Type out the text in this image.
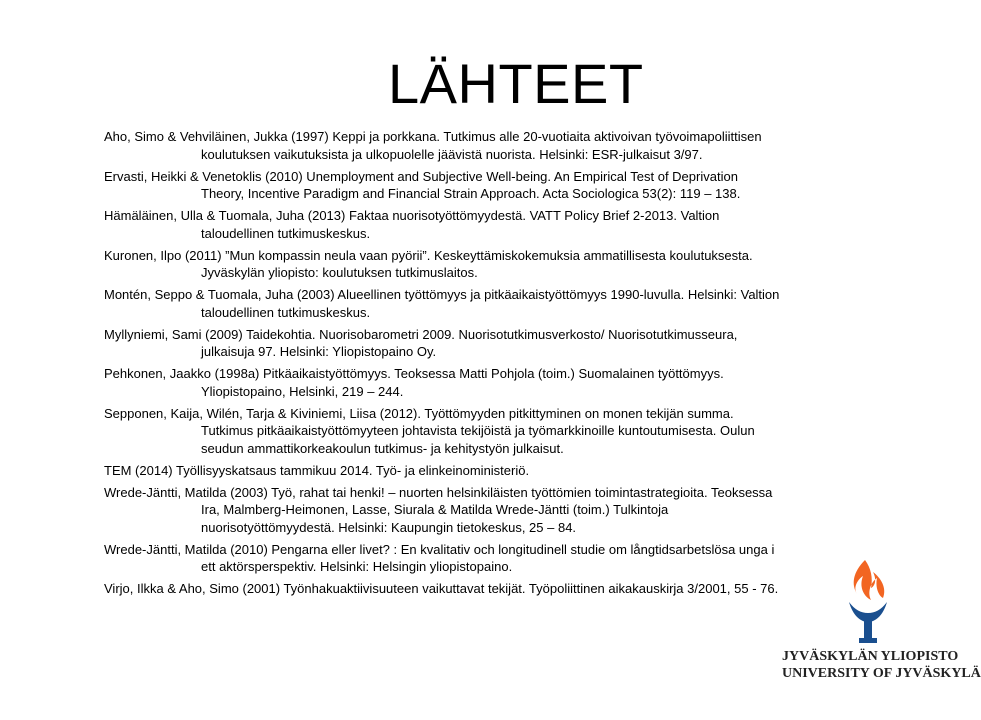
LÄHTEET
Aho, Simo & Vehviläinen, Jukka (1997) Keppi ja porkkana. Tutkimus alle 20-vuotiaita aktivoivan työvoimapoliittisen koulutuksen vaikutuksista ja ulkopuolelle jäävistä nuorista. Helsinki: ESR-julkaisut 3/97.
Ervasti, Heikki & Venetoklis (2010) Unemployment and Subjective Well-being. An Empirical Test of Deprivation Theory, Incentive Paradigm and Financial Strain Approach. Acta Sociologica 53(2): 119 – 138.
Hämäläinen, Ulla & Tuomala, Juha (2013) Faktaa nuorisotyöttömyydestä. VATT Policy Brief 2-2013. Valtion taloudellinen tutkimuskeskus.
Kuronen, Ilpo (2011) ”Mun kompassin neula vaan pyörii”. Keskeyttämiskokemuksia ammatillisesta koulutuksesta. Jyväskylän yliopisto: koulutuksen tutkimuslaitos.
Montén, Seppo & Tuomala, Juha (2003) Alueellinen työttömyys ja pitkäaikaistyöttömyys 1990-luvulla. Helsinki: Valtion taloudellinen tutkimuskeskus.
Myllyniemi, Sami (2009) Taidekohtia. Nuorisobarometri 2009. Nuorisotutkimusverkosto/ Nuorisotutkimusseura, julkaisuja 97. Helsinki: Yliopistopaino Oy.
Pehkonen, Jaakko (1998a) Pitkäaikaistyöttömyys. Teoksessa Matti Pohjola (toim.) Suomalainen työttömyys. Yliopistopaino, Helsinki, 219 – 244.
Sepponen, Kaija, Wilén, Tarja & Kiviniemi, Liisa (2012). Työttömyyden pitkittyminen on monen tekijän summa. Tutkimus pitkäaikaistyöttömyyteen johtavista tekijöistä ja työmarkkinoille kuntoutumisesta. Oulun seudun ammattikorkeakoulun tutkimus- ja kehitystyön julkaisut.
TEM (2014) Työllisyyskatsaus tammikuu 2014. Työ- ja elinkeinoministeriö.
Wrede-Jäntti, Matilda (2003) Työ, rahat tai henki! – nuorten helsinkiläisten työttömien toimintastrategioita. Teoksessa Ira, Malmberg-Heimonen, Lasse, Siurala & Matilda Wrede-Jäntti (toim.) Tulkintoja nuorisotyöttömyydestä. Helsinki: Kaupungin tietokeskus, 25 – 84.
Wrede-Jäntti, Matilda (2010) Pengarna eller livet? : En kvalitativ och longitudinell studie om långtidsarbetslösa unga i ett aktörsperspektiv. Helsinki: Helsingin yliopistopaino.
Virjo, Ilkka & Aho, Simo (2001) Työnhakuaktiivisuuteen vaikuttavat tekijät. Työpoliittinen aikakauskirja 3/2001, 55 - 76.
JYVÄSKYLÄN YLIOPISTO
UNIVERSITY OF JYVÄSKYLÄ
